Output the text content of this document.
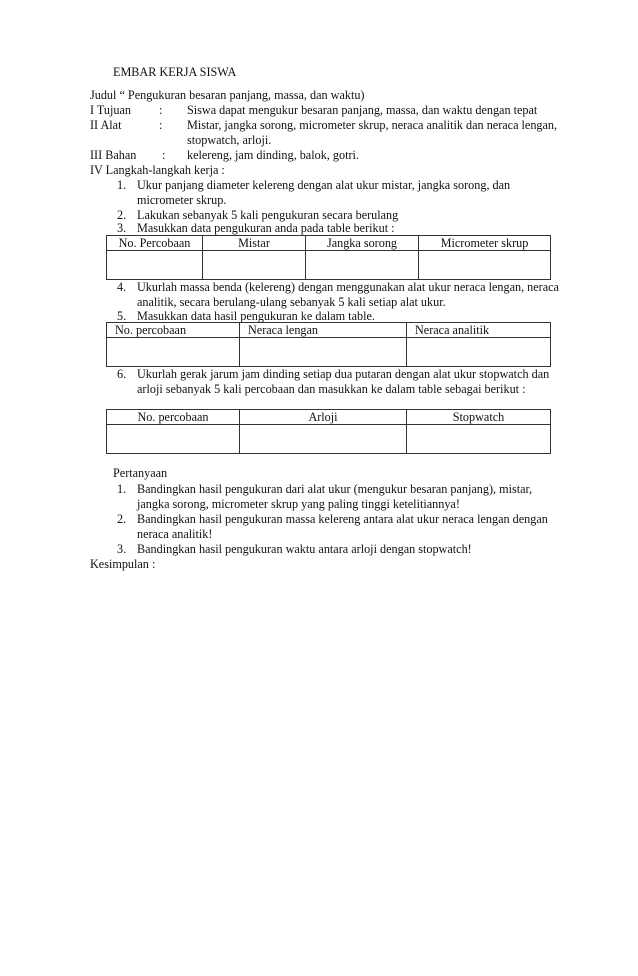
EMBAR KERJA SISWA
Judul “ Pengukuran besaran panjang, massa, dan waktu)
I Tujuan : Siswa dapat mengukur besaran panjang, massa, dan waktu dengan tepat
II Alat	: Mistar, jangka sorong, micrometer skrup, neraca analitik dan neraca lengan,
stopwatch, arloji.
III Bahan : kelereng, jam dinding, balok, gotri.
IV Langkah-langkah kerja :
1. Ukur panjang diameter kelereng dengan alat ukur mistar, jangka sorong, dan
micrometer skrup.
2. Lakukan sebanyak 5 kali pengukuran secara berulang
3. Masukkan data pengukuran anda pada table berikut :
No. Percobaan	Mistar	Jangka sorong	Micrometer skrup

4. Ukurlah massa benda (kelereng) dengan menggunakan alat ukur neraca lengan, neraca
analitik, secara berulang-ulang sebanyak 5 kali setiap alat ukur.
5. Masukkan data hasil pengukuran ke dalam table.
No. percobaan	Neraca lengan	Neraca analitik

6. Ukurlah gerak jarum jam dinding setiap dua putaran dengan alat ukur stopwatch dan
arloji sebanyak 5 kali percobaan dan masukkan ke dalam table sebagai berikut :
No. percobaan	Arloji	Stopwatch

Pertanyaan
1. Bandingkan hasil pengukuran dari alat ukur (mengukur besaran panjang), mistar,
jangka sorong, micrometer skrup yang paling tinggi ketelitiannya!
2. Bandingkan hasil pengukuran massa kelereng antara alat ukur neraca lengan dengan
neraca analitik!
3. Bandingkan hasil pengukuran waktu antara arloji dengan stopwatch!
Kesimpulan :
